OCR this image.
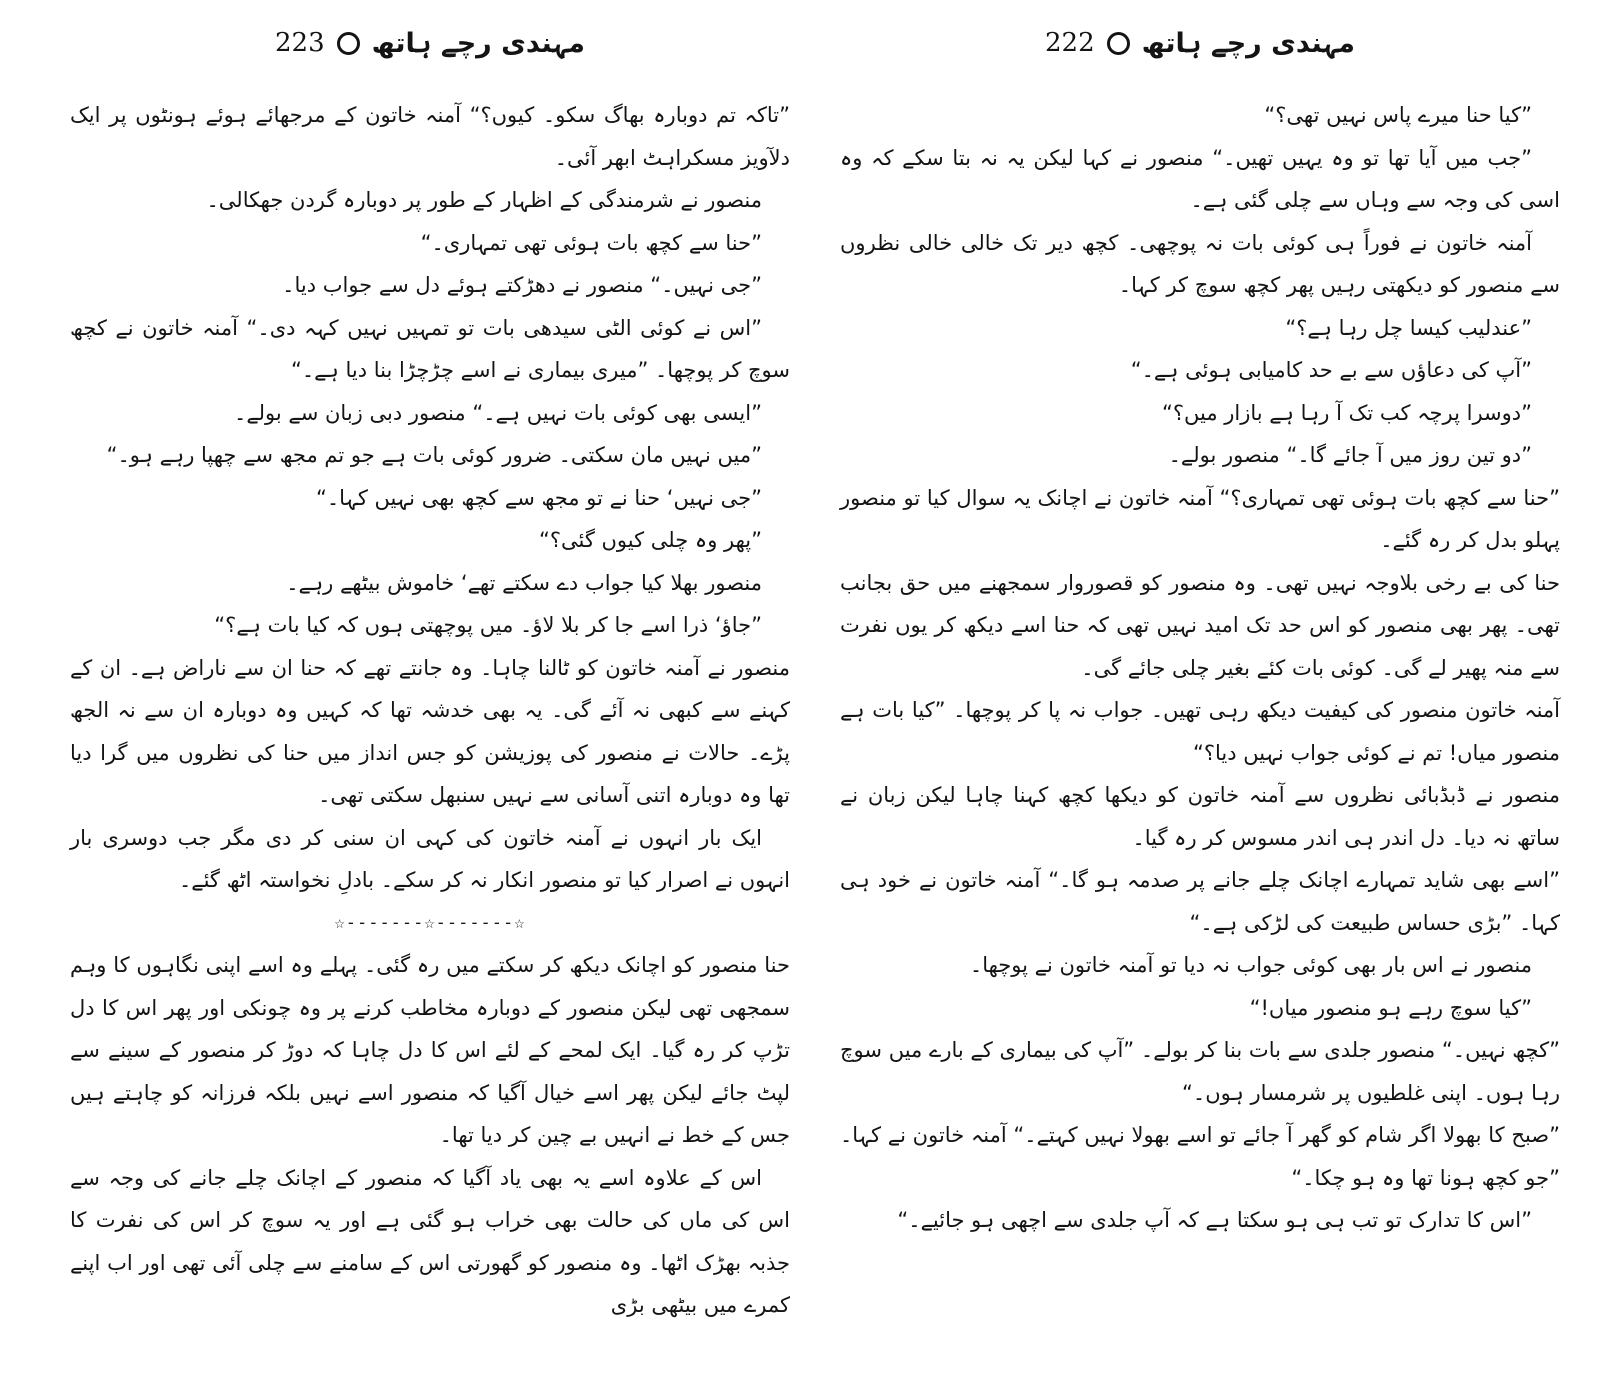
مہندی رچے ہاتھ
223

”تاکہ تم دوبارہ بھاگ سکو۔ کیوں؟“ آمنہ خاتون کے مرجھائے ہوئے ہونٹوں پر ایک دلآویز مسکراہٹ ابھر آئی۔

منصور نے شرمندگی کے اظہار کے طور پر دوبارہ گردن جھکالی۔

”حنا سے کچھ بات ہوئی تھی تمہاری۔“

”جی نہیں۔“ منصور نے دھڑکتے ہوئے دل سے جواب دیا۔

”اس نے کوئی الٹی سیدھی بات تو تمہیں نہیں کہہ دی۔“ آمنہ خاتون نے کچھ سوچ کر پوچھا۔ ”میری بیماری نے اسے چڑچڑا بنا دیا ہے۔“

”ایسی بھی کوئی بات نہیں ہے۔“ منصور دبی زبان سے بولے۔

”میں نہیں مان سکتی۔ ضرور کوئی بات ہے جو تم مجھ سے چھپا رہے ہو۔“

”جی نہیں‘ حنا نے تو مجھ سے کچھ بھی نہیں کہا۔“

”پھر وہ چلی کیوں گئی؟“

منصور بھلا کیا جواب دے سکتے تھے‘ خاموش بیٹھے رہے۔

”جاؤ‘ ذرا اسے جا کر بلا لاؤ۔ میں پوچھتی ہوں کہ کیا بات ہے؟“

منصور نے آمنہ خاتون کو ٹالنا چاہا۔ وہ جانتے تھے کہ حنا ان سے ناراض ہے۔ ان کے کہنے سے کبھی نہ آئے گی۔ یہ بھی خدشہ تھا کہ کہیں وہ دوبارہ ان سے نہ الجھ پڑے۔ حالات نے منصور کی پوزیشن کو جس انداز میں حنا کی نظروں میں گرا دیا تھا وہ دوبارہ اتنی آسانی سے نہیں سنبھل سکتی تھی۔

ایک بار انہوں نے آمنہ خاتون کی کہی ان سنی کر دی مگر جب دوسری بار انہوں نے اصرار کیا تو منصور انکار نہ کر سکے۔ بادلِ نخواستہ اٹھ گئے۔

☆-------☆-------☆

حنا منصور کو اچانک دیکھ کر سکتے میں رہ گئی۔ پہلے وہ اسے اپنی نگاہوں کا وہم سمجھی تھی لیکن منصور کے دوبارہ مخاطب کرنے پر وہ چونکی اور پھر اس کا دل تڑپ کر رہ گیا۔ ایک لمحے کے لئے اس کا دل چاہا کہ دوڑ کر منصور کے سینے سے لپٹ جائے لیکن پھر اسے خیال آگیا کہ منصور اسے نہیں بلکہ فرزانہ کو چاہتے ہیں جس کے خط نے انہیں بے چین کر دیا تھا۔

اس کے علاوہ اسے یہ بھی یاد آگیا کہ منصور کے اچانک چلے جانے کی وجہ سے اس کی ماں کی حالت بھی خراب ہو گئی ہے اور یہ سوچ کر اس کی نفرت کا جذبہ بھڑک اٹھا۔ وہ منصور کو گھورتی اس کے سامنے سے چلی آئی تھی اور اب اپنے کمرے میں بیٹھی بڑی

مہندی رچے ہاتھ
222

”کیا حنا میرے پاس نہیں تھی؟“

”جب میں آیا تھا تو وہ یہیں تھیں۔“ منصور نے کہا لیکن یہ نہ بتا سکے کہ وہ اسی کی وجہ سے وہاں سے چلی گئی ہے۔

آمنہ خاتون نے فوراً ہی کوئی بات نہ پوچھی۔ کچھ دیر تک خالی خالی نظروں سے منصور کو دیکھتی رہیں پھر کچھ سوچ کر کہا۔

”عندلیب کیسا چل رہا ہے؟“

”آپ کی دعاؤں سے بے حد کامیابی ہوئی ہے۔“

”دوسرا پرچہ کب تک آ رہا ہے بازار میں؟“

”دو تین روز میں آ جائے گا۔“ منصور بولے۔

”حنا سے کچھ بات ہوئی تھی تمہاری؟“ آمنہ خاتون نے اچانک یہ سوال کیا تو منصور پہلو بدل کر رہ گئے۔

حنا کی بے رخی بلاوجہ نہیں تھی۔ وہ منصور کو قصوروار سمجھنے میں حق بجانب تھی۔ پھر بھی منصور کو اس حد تک امید نہیں تھی کہ حنا اسے دیکھ کر یوں نفرت سے منہ پھیر لے گی۔ کوئی بات کئے بغیر چلی جائے گی۔

آمنہ خاتون منصور کی کیفیت دیکھ رہی تھیں۔ جواب نہ پا کر پوچھا۔ ”کیا بات ہے منصور میاں! تم نے کوئی جواب نہیں دیا؟“

منصور نے ڈبڈبائی نظروں سے آمنہ خاتون کو دیکھا کچھ کہنا چاہا لیکن زبان نے ساتھ نہ دیا۔ دل اندر ہی اندر مسوس کر رہ گیا۔

”اسے بھی شاید تمہارے اچانک چلے جانے پر صدمہ ہو گا۔“ آمنہ خاتون نے خود ہی کہا۔ ”بڑی حساس طبیعت کی لڑکی ہے۔“

منصور نے اس بار بھی کوئی جواب نہ دیا تو آمنہ خاتون نے پوچھا۔

”کیا سوچ رہے ہو منصور میاں!“

”کچھ نہیں۔“ منصور جلدی سے بات بنا کر بولے۔ ”آپ کی بیماری کے بارے میں سوچ رہا ہوں۔ اپنی غلطیوں پر شرمسار ہوں۔“

”صبح کا بھولا اگر شام کو گھر آ جائے تو اسے بھولا نہیں کہتے۔“ آمنہ خاتون نے کہا۔ ”جو کچھ ہونا تھا وہ ہو چکا۔“

”اس کا تدارک تو تب ہی ہو سکتا ہے کہ آپ جلدی سے اچھی ہو جائیے۔“
